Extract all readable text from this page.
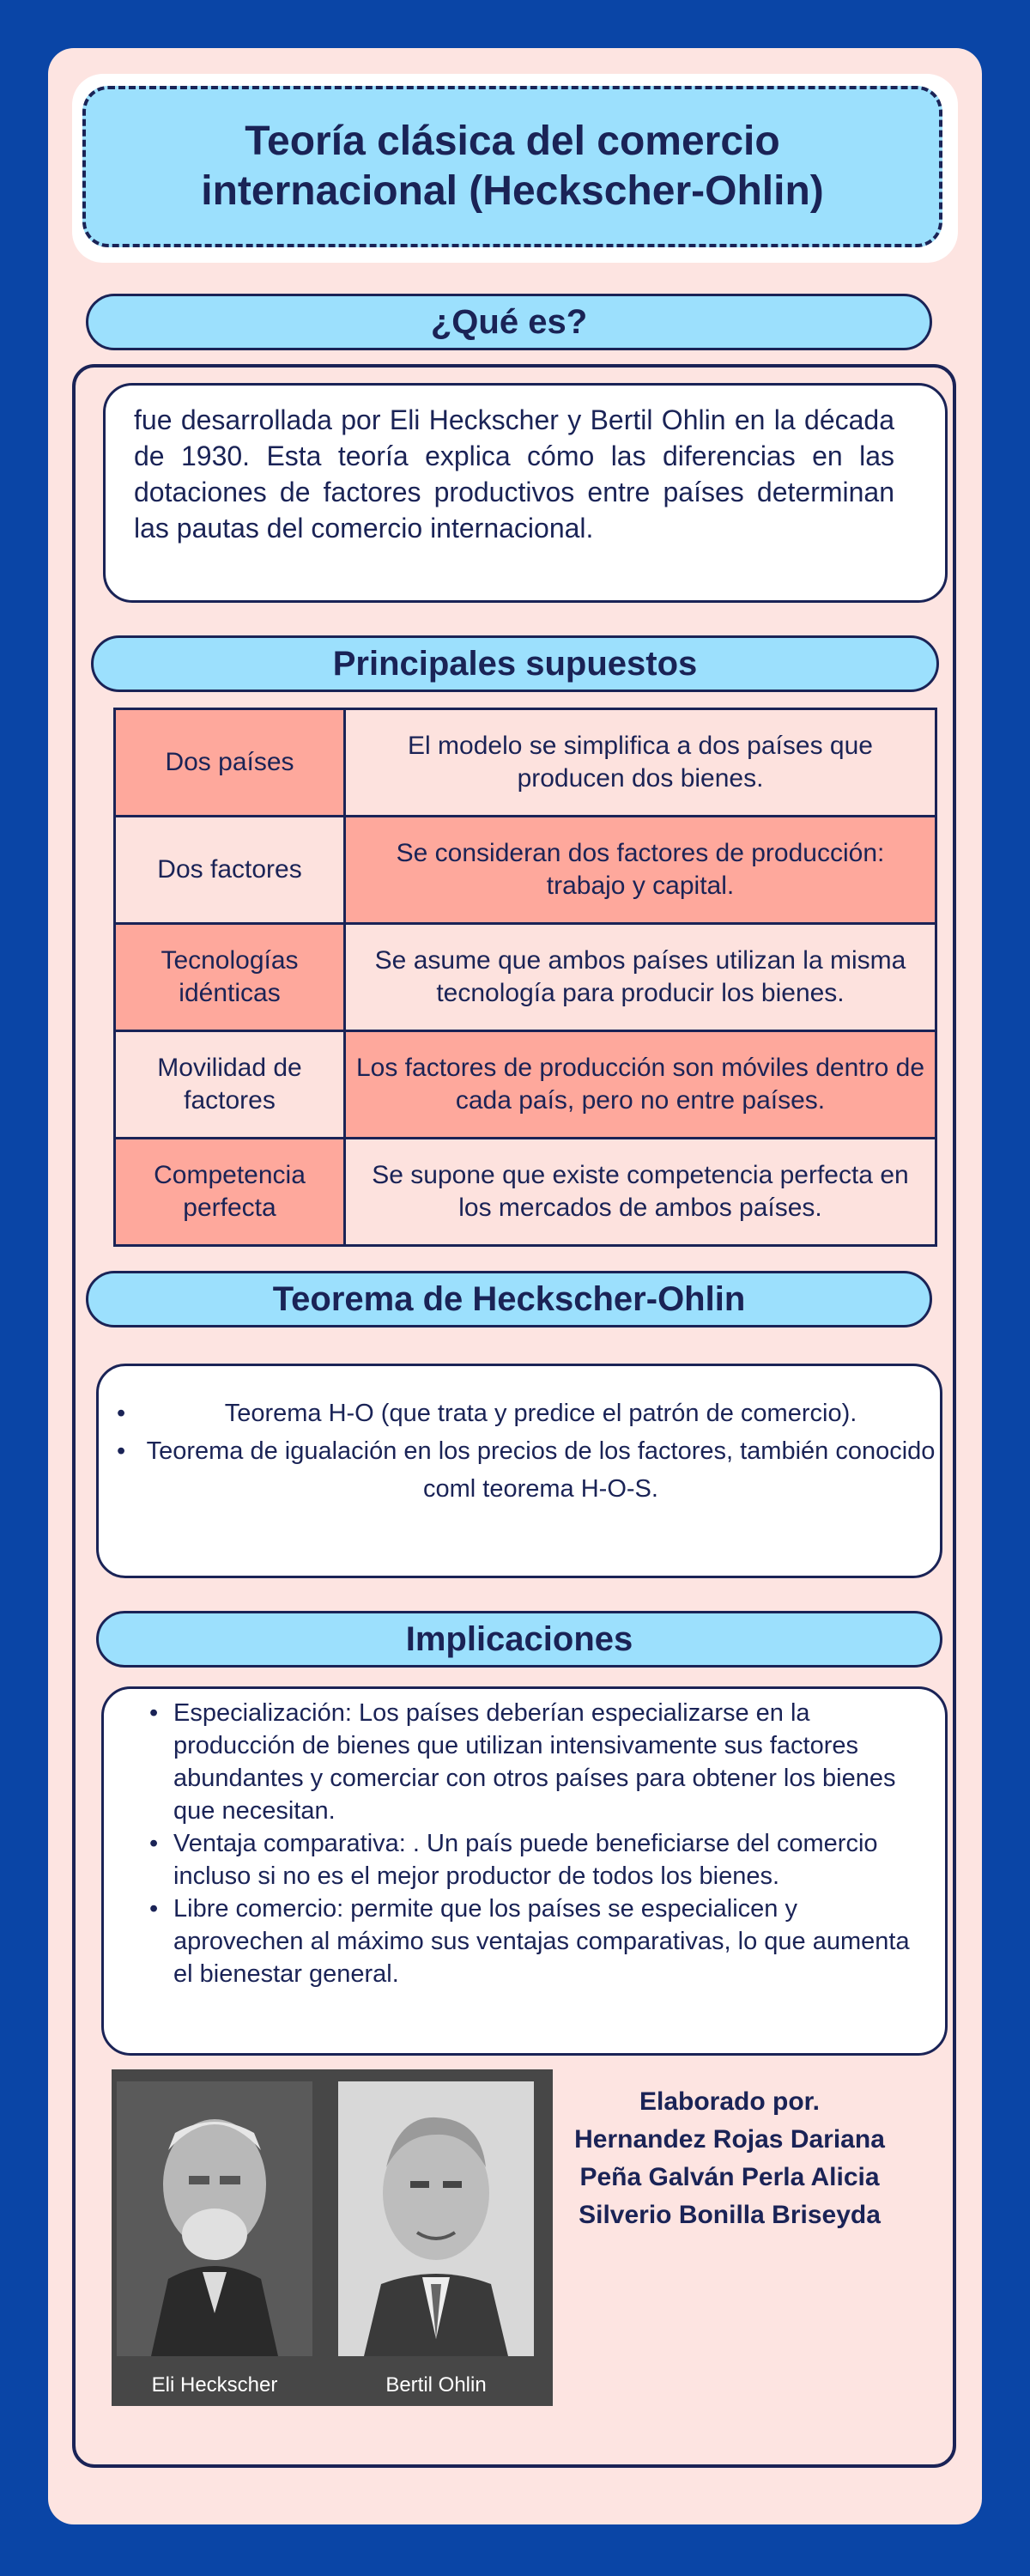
Teoría clásica del comercio internacional (Heckscher-Ohlin)
¿Qué es?
fue desarrollada por Eli Heckscher y Bertil Ohlin en la década de 1930. Esta teoría explica cómo las diferencias en las dotaciones de factores productivos entre países determinan las pautas del comercio internacional.
Principales supuestos
Dos países	El modelo se simplifica a dos países que producen dos bienes.
Dos factores	Se consideran dos factores de producción: trabajo y capital.
Tecnologías idénticas	Se asume que ambos países utilizan la misma tecnología para producir los bienes.
Movilidad de factores	Los factores de producción son móviles dentro de cada país, pero no entre países.
Competencia perfecta	Se supone que existe competencia perfecta en los mercados de ambos países.
Teorema de Heckscher-Ohlin
• Teorema H-O (que trata y predice el patrón de comercio).
• Teorema de igualación en los precios de los factores, también conocido coml teorema H-O-S.
Implicaciones
• Especialización: Los países deberían especializarse en la producción de bienes que utilizan intensivamente sus factores abundantes y comerciar con otros países para obtener los bienes que necesitan.
• Ventaja comparativa: . Un país puede beneficiarse del comercio incluso si no es el mejor productor de todos los bienes.
• Libre comercio: permite que los países se especialicen y aprovechen al máximo sus ventajas comparativas, lo que aumenta el bienestar general.
Eli Heckscher	Bertil Ohlin
Elaborado por.
Hernandez Rojas Dariana
Peña Galván Perla Alicia
Silverio Bonilla Briseyda
